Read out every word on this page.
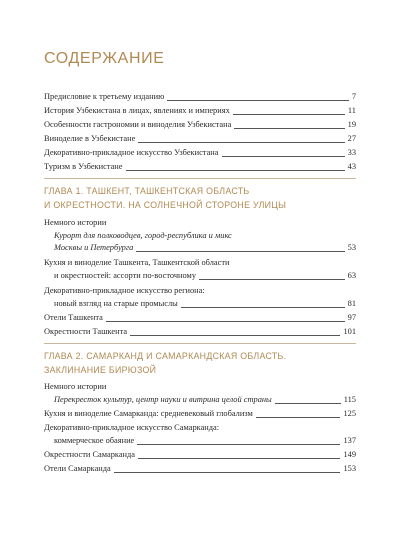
СОДЕРЖАНИЕ
Предисловие к третьему изданию	7
История Узбекистана в лицах, явлениях и империях	11
Особенности гастрономии и виноделия Узбекистана	19
Виноделие в Узбекистане	27
Декоративно-прикладное искусство Узбекистана	33
Туризм в Узбекистане	43
ГЛАВА 1. ТАШКЕНТ, ТАШКЕНТСКАЯ ОБЛАСТЬ
И ОКРЕСТНОСТИ. НА СОЛНЕЧНОЙ СТОРОНЕ УЛИЦЫ
Немного истории
Курорт для полководцев, город-республика и микс
Москвы и Петербурга	53
Кухня и виноделие Ташкента, Ташкентской области
и окрестностей: ассорти по-восточному	63
Декоративно-прикладное искусство региона:
новый взгляд на старые промыслы	81
Отели Ташкента	97
Окрестности Ташкента	101
ГЛАВА 2. САМАРКАНД И САМАРКАНДСКАЯ ОБЛАСТЬ.
ЗАКЛИНАНИЕ БИРЮЗОЙ
Немного истории
Перекресток культур, центр науки и витрина целой страны	115
Кухня и виноделие Самарканда: средневековый глобализм	125
Декоративно-прикладное искусство Самарканда:
коммерческое обаяние	137
Окрестности Самарканда	149
Отели Самарканда	153
